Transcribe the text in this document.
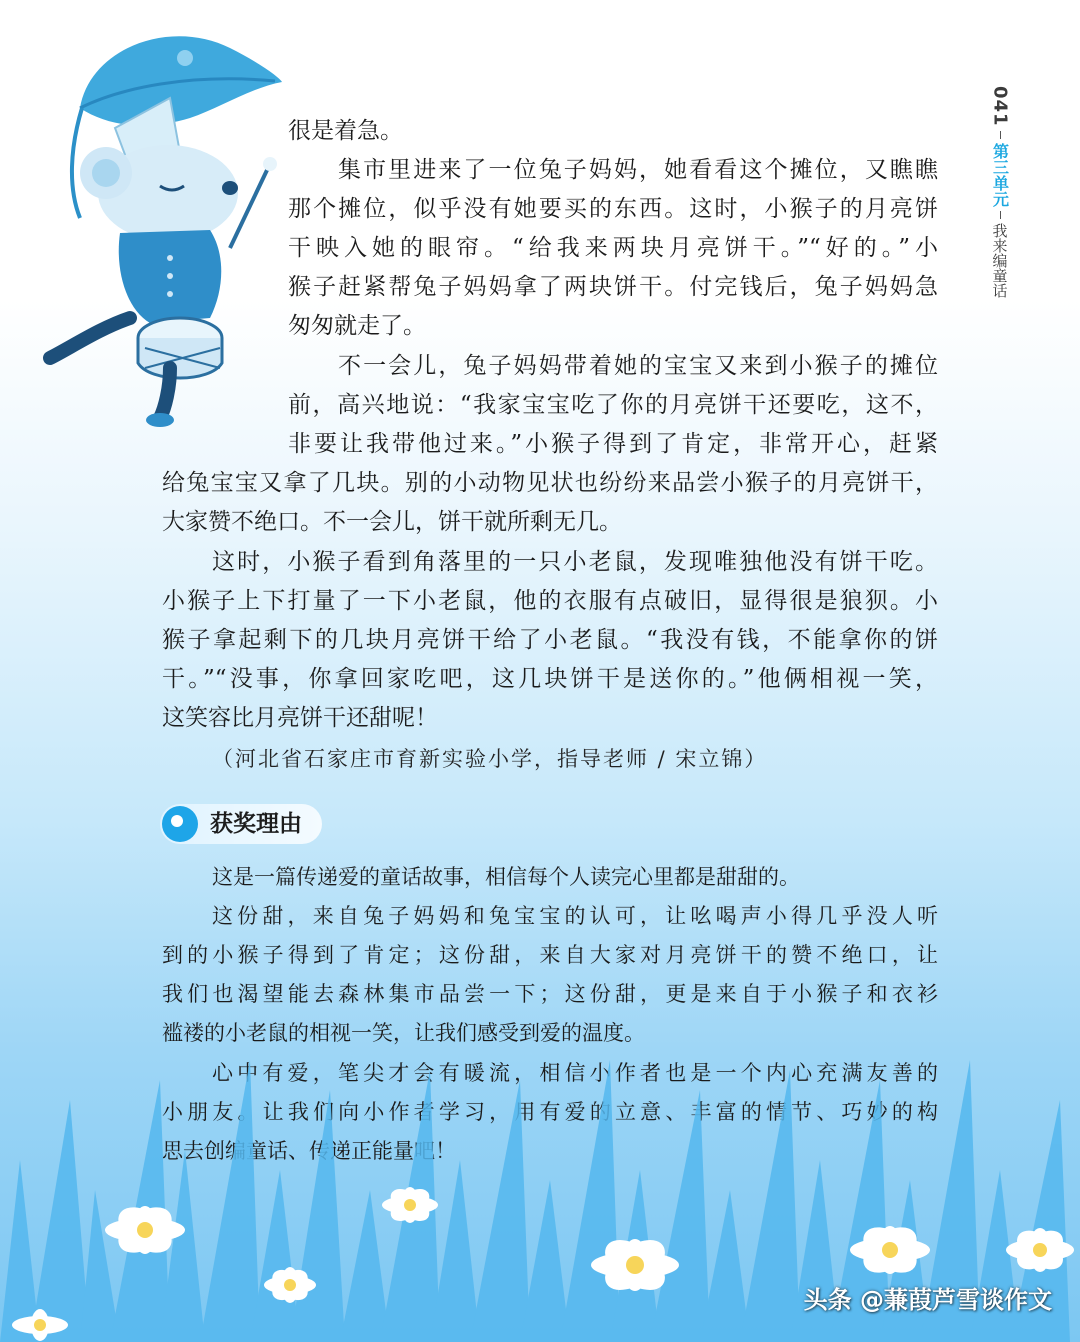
041
第三单元
我来编童话
很是着急。
集市里进来了一位兔子妈妈，她看看这个摊位，又瞧瞧
那个摊位，似乎没有她要买的东西。这时，小猴子的月亮饼
干映入她的眼帘。“给我来两块月亮饼干。”“好的。”小
猴子赶紧帮兔子妈妈拿了两块饼干。付完钱后，兔子妈妈急
匆匆就走了。
不一会儿，兔子妈妈带着她的宝宝又来到小猴子的摊位
前，高兴地说：“我家宝宝吃了你的月亮饼干还要吃，这不，
非要让我带他过来。”小猴子得到了肯定，非常开心，赶紧
给兔宝宝又拿了几块。别的小动物见状也纷纷来品尝小猴子的月亮饼干，
大家赞不绝口。不一会儿，饼干就所剩无几。
这时，小猴子看到角落里的一只小老鼠，发现唯独他没有饼干吃。
小猴子上下打量了一下小老鼠，他的衣服有点破旧，显得很是狼狈。小
猴子拿起剩下的几块月亮饼干给了小老鼠。“我没有钱，不能拿你的饼
干。”“没事，你拿回家吃吧，这几块饼干是送你的。”他俩相视一笑，
这笑容比月亮饼干还甜呢！
（河北省石家庄市育新实验小学，指导老师 / 宋立锦）
获奖理由
这是一篇传递爱的童话故事，相信每个人读完心里都是甜甜的。
这份甜，来自兔子妈妈和兔宝宝的认可，让吆喝声小得几乎没人听
到的小猴子得到了肯定；这份甜，来自大家对月亮饼干的赞不绝口，让
我们也渴望能去森林集市品尝一下；这份甜，更是来自于小猴子和衣衫
褴褛的小老鼠的相视一笑，让我们感受到爱的温度。
心中有爱，笔尖才会有暖流，相信小作者也是一个内心充满友善的
小朋友。让我们向小作者学习，用有爱的立意、丰富的情节、巧妙的构
思去创编童话、传递正能量吧！
头条 @蒹葭芦雪谈作文
